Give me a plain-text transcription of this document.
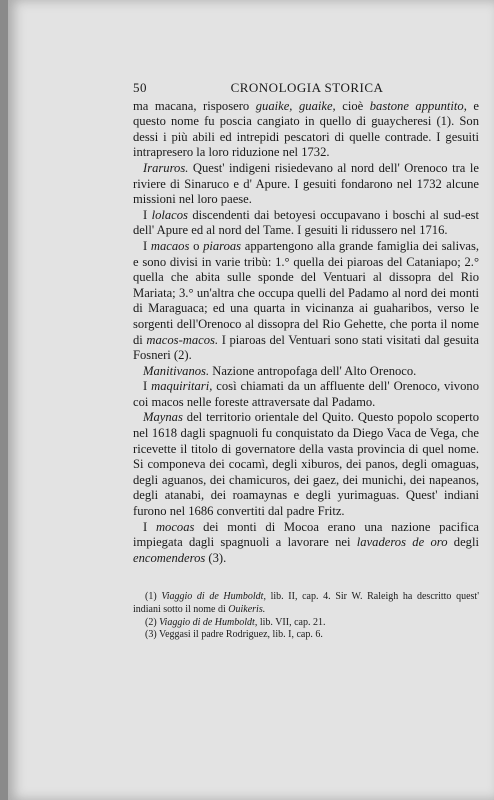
50	CRONOLOGIA STORICA

ma macana, risposero guaike, guaike, cioè bastone appuntito, e questo nome fu poscia cangiato in quello di guaycheresi (1). Son dessi i più abili ed intrepidi pescatori di quelle contrade. I gesuiti intrapresero la loro riduzione nel 1732.

Iraruros. Quest' indigeni risiedevano al nord dell' Orenoco tra le riviere di Sinaruco e d' Apure. I gesuiti fondarono nel 1732 alcune missioni nel loro paese.

I lolacos discendenti dai betoyesi occupavano i boschi al sud-est dell' Apure ed al nord del Tame. I gesuiti li ridussero nel 1716.

I macaos o piaroas appartengono alla grande famiglia dei salivas, e sono divisi in varie tribù: 1.° quella dei piaroas del Cataniapo; 2.° quella che abita sulle sponde del Ventuari al dissopra del Rio Mariata; 3.° un'altra che occupa quelli del Padamo al nord dei monti di Maraguaca; ed una quarta in vicinanza ai guaharibos, verso le sorgenti dell'Orenoco al dissopra del Rio Gehette, che porta il nome di macos-macos. I piaroas del Ventuari sono stati visitati dal gesuita Fosneri (2).

Manitivanos. Nazione antropofaga dell' Alto Orenoco.

I maquiritari, così chiamati da un affluente dell' Orenoco, vivono coi macos nelle foreste attraversate dal Padamo.

Maynas del territorio orientale del Quito. Questo popolo scoperto nel 1618 dagli spagnuoli fu conquistato da Diego Vaca de Vega, che ricevette il titolo di governatore della vasta provincia di quel nome. Si componeva dei cocamì, degli xiburos, dei panos, degli omaguas, degli aguanos, dei chamicuros, dei gaez, dei munichi, dei napeanos, degli atanabi, dei roamaynas e degli yurimaguas. Quest' indiani furono nel 1686 convertiti dal padre Fritz.

I mocoas dei monti di Mocoa erano una nazione pacifica impiegata dagli spagnuoli a lavorare nei lavaderos de oro degli encomenderos (3).

(1) Viaggio di de Humboldt, lib. II, cap. 4. Sir W. Raleigh ha descritto quest' indiani sotto il nome di Ouikeris.

(2) Viaggio di de Humboldt, lib. VII, cap. 21.

(3) Veggasi il padre Rodriguez, lib. I, cap. 6.
